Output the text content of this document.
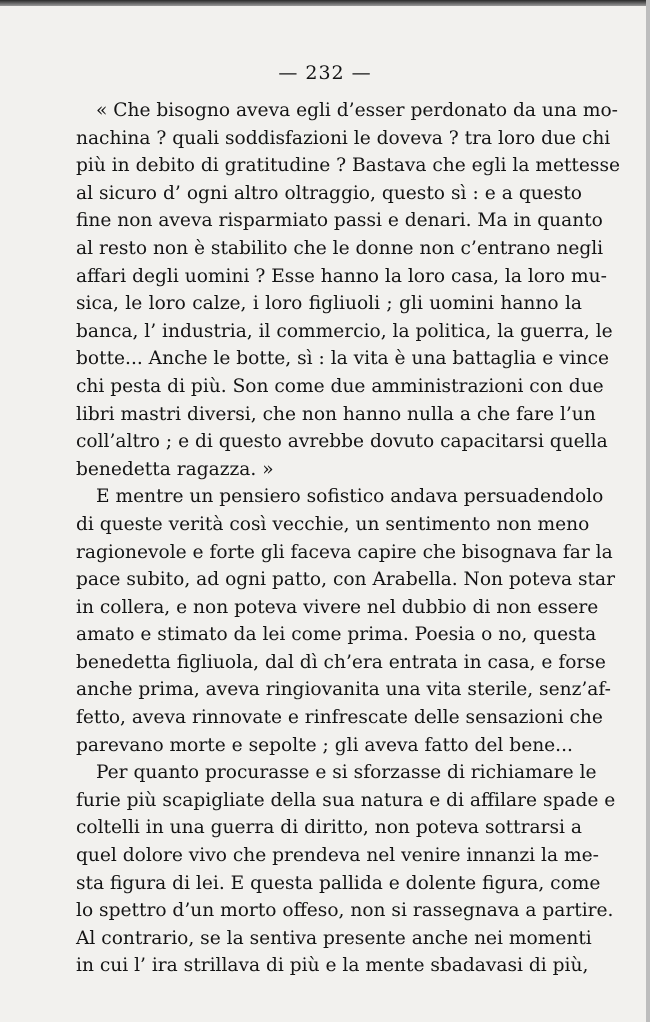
— 232 —
« Che bisogno aveva egli d’esser perdonato da una mo-
nachina ? quali soddisfazioni le doveva ? tra loro due chi
più in debito di gratitudine ? Bastava che egli la mettesse
al sicuro d’ ogni altro oltraggio, questo sì : e a questo
fine non aveva risparmiato passi e denari. Ma in quanto
al resto non è stabilito che le donne non c’entrano negli
affari degli uomini ? Esse hanno la loro casa, la loro mu-
sica, le loro calze, i loro figliuoli ; gli uomini hanno la
banca, l’ industria, il commercio, la politica, la guerra, le
botte... Anche le botte, sì : la vita è una battaglia e vince
chi pesta di più. Son come due amministrazioni con due
libri mastri diversi, che non hanno nulla a che fare l’un
coll’altro ; e di questo avrebbe dovuto capacitarsi quella
benedetta ragazza. »
E mentre un pensiero sofistico andava persuadendolo
di queste verità così vecchie, un sentimento non meno
ragionevole e forte gli faceva capire che bisognava far la
pace subito, ad ogni patto, con Arabella. Non poteva star
in collera, e non poteva vivere nel dubbio di non essere
amato e stimato da lei come prima. Poesia o no, questa
benedetta figliuola, dal dì ch’era entrata in casa, e forse
anche prima, aveva ringiovanita una vita sterile, senz’af-
fetto, aveva rinnovate e rinfrescate delle sensazioni che
parevano morte e sepolte ; gli aveva fatto del bene...
Per quanto procurasse e si sforzasse di richiamare le
furie più scapigliate della sua natura e di affilare spade e
coltelli in una guerra di diritto, non poteva sottrarsi a
quel dolore vivo che prendeva nel venire innanzi la me-
sta figura di lei. E questa pallida e dolente figura, come
lo spettro d’un morto offeso, non si rassegnava a partire.
Al contrario, se la sentiva presente anche nei momenti
in cui l’ ira strillava di più e la mente sbadavasi di più,
